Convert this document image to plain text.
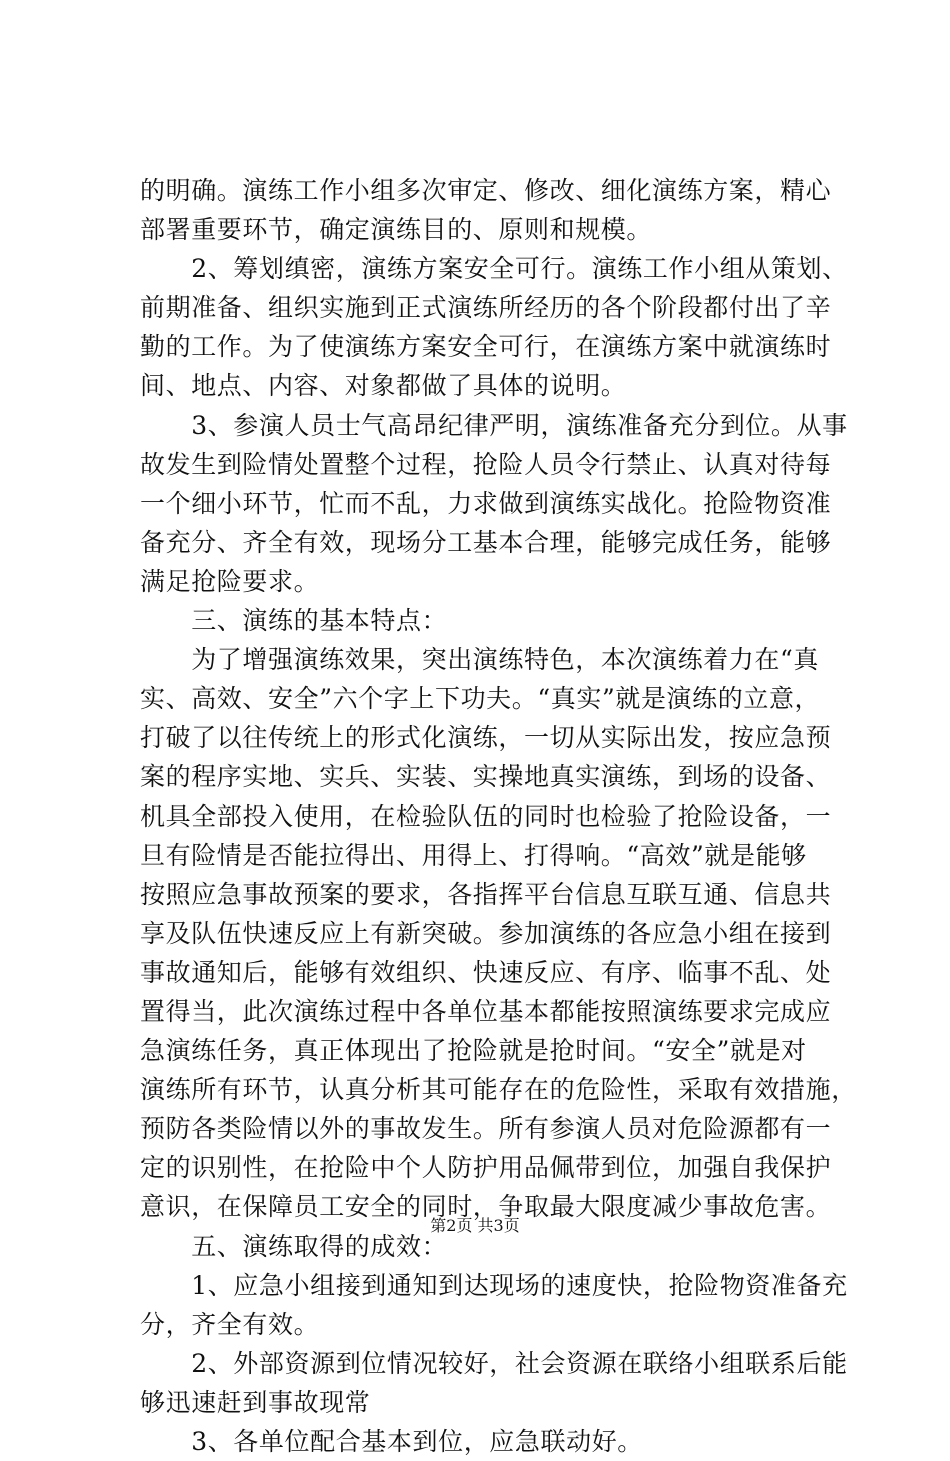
的明确。演练工作小组多次审定、修改、细化演练方案，精心
部署重要环节，确定演练目的、原则和规模。
　　2、筹划缜密，演练方案安全可行。演练工作小组从策划、
前期准备、组织实施到正式演练所经历的各个阶段都付出了辛
勤的工作。为了使演练方案安全可行，在演练方案中就演练时
间、地点、内容、对象都做了具体的说明。
　　3、参演人员士气高昂纪律严明，演练准备充分到位。从事
故发生到险情处置整个过程，抢险人员令行禁止、认真对待每
一个细小环节，忙而不乱，力求做到演练实战化。抢险物资准
备充分、齐全有效，现场分工基本合理，能够完成任务，能够
满足抢险要求。
　　三、演练的基本特点：
　　为了增强演练效果，突出演练特色，本次演练着力在“真
实、高效、安全”六个字上下功夫。“真实”就是演练的立意，
打破了以往传统上的形式化演练，一切从实际出发，按应急预
案的程序实地、实兵、实装、实操地真实演练，到场的设备、
机具全部投入使用，在检验队伍的同时也检验了抢险设备，一
旦有险情是否能拉得出、用得上、打得响。“高效”就是能够
按照应急事故预案的要求，各指挥平台信息互联互通、信息共
享及队伍快速反应上有新突破。参加演练的各应急小组在接到
事故通知后，能够有效组织、快速反应、有序、临事不乱、处
置得当，此次演练过程中各单位基本都能按照演练要求完成应
急演练任务，真正体现出了抢险就是抢时间。“安全”就是对
演练所有环节，认真分析其可能存在的危险性，采取有效措施，
预防各类险情以外的事故发生。所有参演人员对危险源都有一
定的识别性，在抢险中个人防护用品佩带到位，加强自我保护
意识，在保障员工安全的同时，争取最大限度减少事故危害。
　　五、演练取得的成效：
　　1、应急小组接到通知到达现场的速度快，抢险物资准备充
分，齐全有效。
　　2、外部资源到位情况较好，社会资源在联络小组联系后能
够迅速赶到事故现常
　　3、各单位配合基本到位，应急联动好。
第2页 共3页
